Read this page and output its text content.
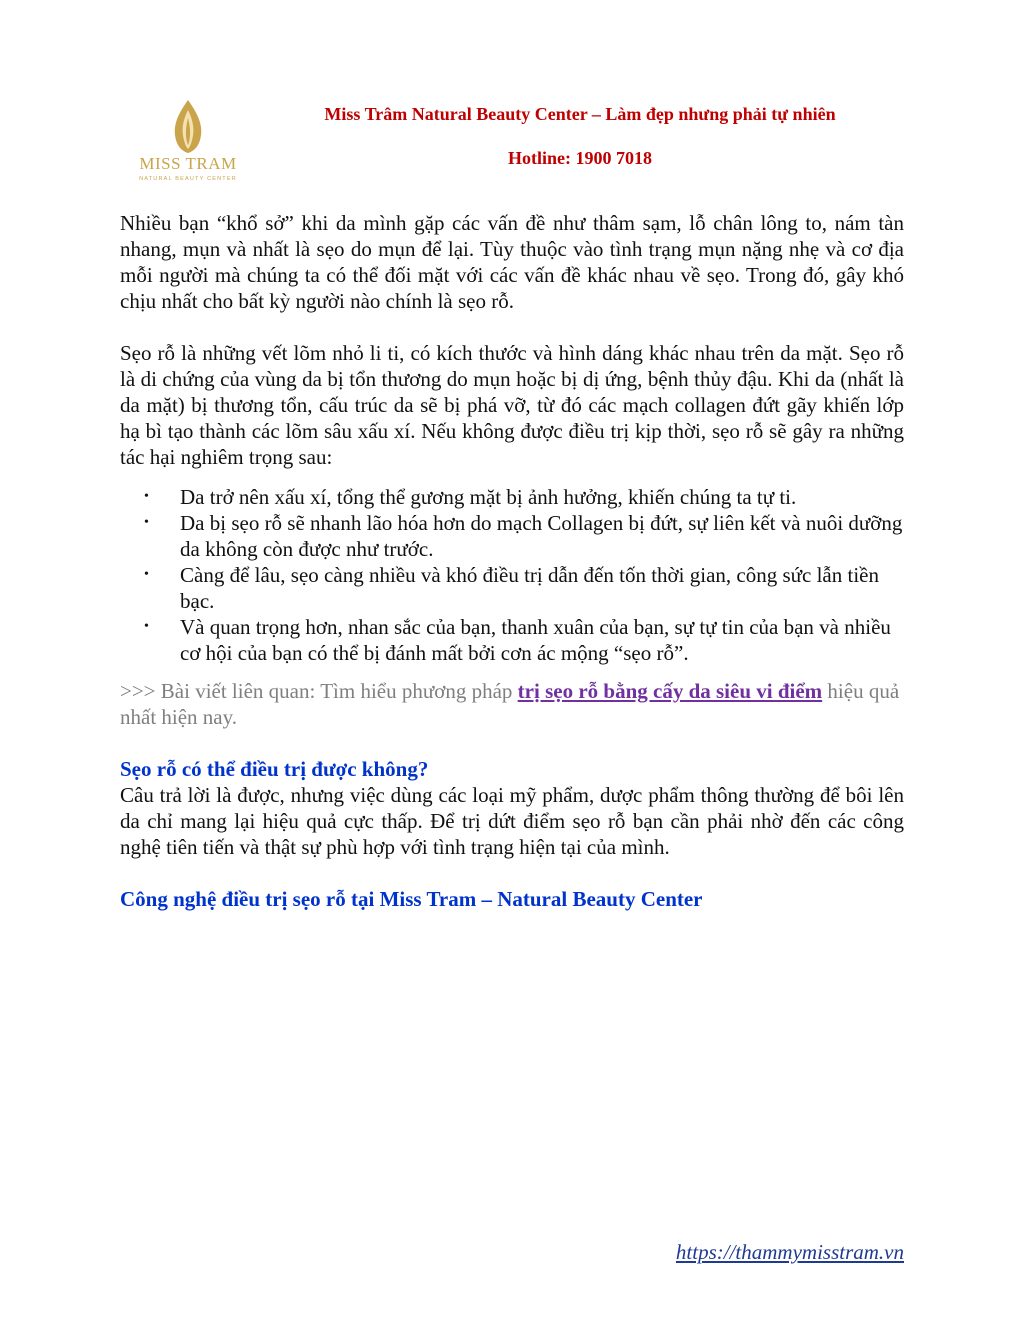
MISS TRAM
NATURAL BEAUTY CENTER
Miss Trâm Natural Beauty Center – Làm đẹp nhưng phải tự nhiên
Hotline: 1900 7018

Nhiều bạn “khổ sở” khi da mình gặp các vấn đề như thâm sạm, lỗ chân lông to, nám tàn nhang, mụn và nhất là sẹo do mụn để lại. Tùy thuộc vào tình trạng mụn nặng nhẹ và cơ địa mỗi người mà chúng ta có thể đối mặt với các vấn đề khác nhau về sẹo. Trong đó, gây khó chịu nhất cho bất kỳ người nào chính là sẹo rỗ.

Sẹo rỗ là những vết lõm nhỏ li ti, có kích thước và hình dáng khác nhau trên da mặt. Sẹo rỗ là di chứng của vùng da bị tổn thương do mụn hoặc bị dị ứng, bệnh thủy đậu. Khi da (nhất là da mặt) bị thương tổn, cấu trúc da sẽ bị phá vỡ, từ đó các mạch collagen đứt gãy khiến lớp hạ bì tạo thành các lõm sâu xấu xí. Nếu không được điều trị kịp thời, sẹo rỗ sẽ gây ra những tác hại nghiêm trọng sau:

• Da trở nên xấu xí, tổng thể gương mặt bị ảnh hưởng, khiến chúng ta tự ti.
• Da bị sẹo rỗ sẽ nhanh lão hóa hơn do mạch Collagen bị đứt, sự liên kết và nuôi dưỡng da không còn được như trước.
• Càng để lâu, sẹo càng nhiều và khó điều trị dẫn đến tốn thời gian, công sức lẫn tiền bạc.
• Và quan trọng hơn, nhan sắc của bạn, thanh xuân của bạn, sự tự tin của bạn và nhiều cơ hội của bạn có thể bị đánh mất bởi cơn ác mộng “sẹo rỗ”.

>>> Bài viết liên quan: Tìm hiểu phương pháp trị sẹo rỗ bằng cấy da siêu vi điểm hiệu quả nhất hiện nay.

Sẹo rỗ có thể điều trị được không?

Câu trả lời là được, nhưng việc dùng các loại mỹ phẩm, dược phẩm thông thường để bôi lên da chỉ mang lại hiệu quả cực thấp. Để trị dứt điểm sẹo rỗ bạn cần phải nhờ đến các công nghệ tiên tiến và thật sự phù hợp với tình trạng hiện tại của mình.

Công nghệ điều trị sẹo rỗ tại Miss Tram – Natural Beauty Center

https://thammymisstram.vn
